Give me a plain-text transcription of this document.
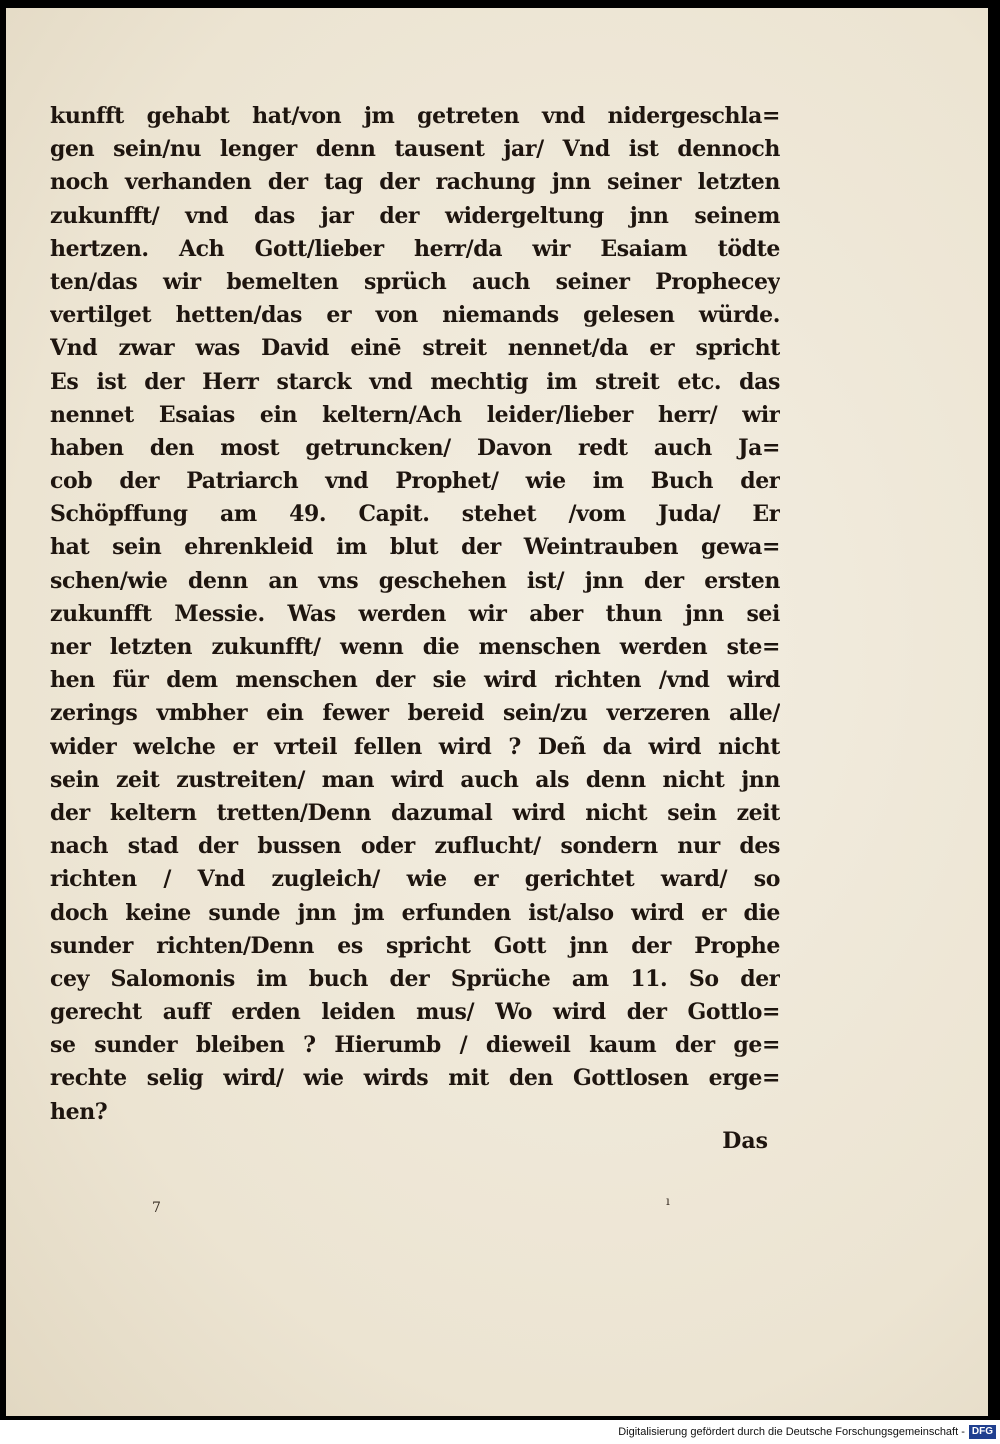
kunfft gehabt hat/von jm getreten vnd nidergeschla=
gen sein/nu lenger denn tausent jar/ Vnd ist dennoch
noch verhanden der tag der rachung jnn seiner letzten
zukunfft/ vnd das jar der widergeltung jnn seinem
hertzen. Ach Gott/lieber herr/da wir Esaiam tödte
ten/das wir bemelten sprüch auch seiner Prophecey
vertilget hetten/das er von niemands gelesen würde.
Vnd zwar was David einē streit nennet/da er spricht
Es ist der Herr starck vnd mechtig im streit etc. das
nennet Esaias ein keltern/Ach leider/lieber herr/ wir
haben den most getruncken/ Davon redt auch Ja=
cob der Patriarch vnd Prophet/ wie im Buch der
Schöpffung am 49. Capit. stehet /vom Juda/ Er
hat sein ehrenkleid im blut der Weintrauben gewa=
schen/wie denn an vns geschehen ist/ jnn der ersten
zukunfft Messie. Was werden wir aber thun jnn sei
ner letzten zukunfft/ wenn die menschen werden ste=
hen für dem menschen der sie wird richten /vnd wird
zerings vmbher ein fewer bereid sein/zu verzeren alle/
wider welche er vrteil fellen wird ? Deñ da wird nicht
sein zeit zustreiten/ man wird auch als denn nicht jnn
der keltern tretten/Denn dazumal wird nicht sein zeit
nach stad der bussen oder zuflucht/ sondern nur des
richten / Vnd zugleich/ wie er gerichtet ward/ so
doch keine sunde jnn jm erfunden ist/also wird er die
sunder richten/Denn es spricht Gott jnn der Prophe
cey Salomonis im buch der Sprüche am 11. So der
gerecht auff erden leiden mus/ Wo wird der Gottlo=
se sunder bleiben ? Hierumb / dieweil kaum der ge=
rechte selig wird/ wie wirds mit den Gottlosen erge=
hen?
Das
7	ı
Digitalisierung gefördert durch die Deutsche Forschungsgemeinschaft - DFG
